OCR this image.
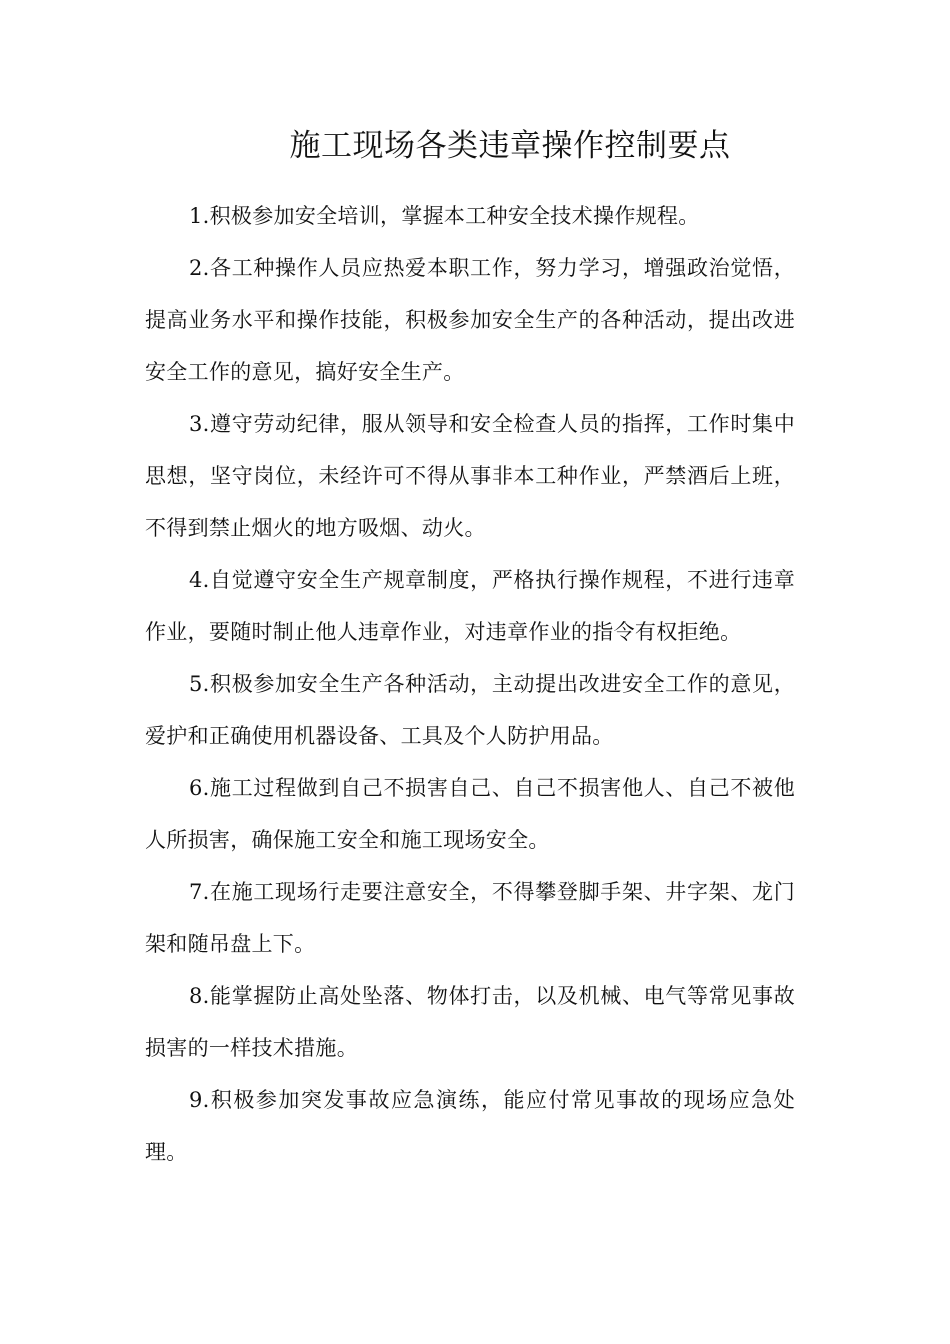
施工现场各类违章操作控制要点

1.积极参加安全培训，掌握本工种安全技术操作规程。

2.各工种操作人员应热爱本职工作，努力学习，增强政治觉悟，提高业务水平和操作技能，积极参加安全生产的各种活动，提出改进安全工作的意见，搞好安全生产。

3.遵守劳动纪律，服从领导和安全检查人员的指挥，工作时集中思想，坚守岗位，未经许可不得从事非本工种作业，严禁酒后上班，不得到禁止烟火的地方吸烟、动火。

4.自觉遵守安全生产规章制度，严格执行操作规程，不进行违章作业，要随时制止他人违章作业，对违章作业的指令有权拒绝。

5.积极参加安全生产各种活动，主动提出改进安全工作的意见，爱护和正确使用机器设备、工具及个人防护用品。

6.施工过程做到自己不损害自己、自己不损害他人、自己不被他人所损害，确保施工安全和施工现场安全。

7.在施工现场行走要注意安全，不得攀登脚手架、井字架、龙门架和随吊盘上下。

8.能掌握防止高处坠落、物体打击，以及机械、电气等常见事故损害的一样技术措施。

9.积极参加突发事故应急演练，能应付常见事故的现场应急处理。
